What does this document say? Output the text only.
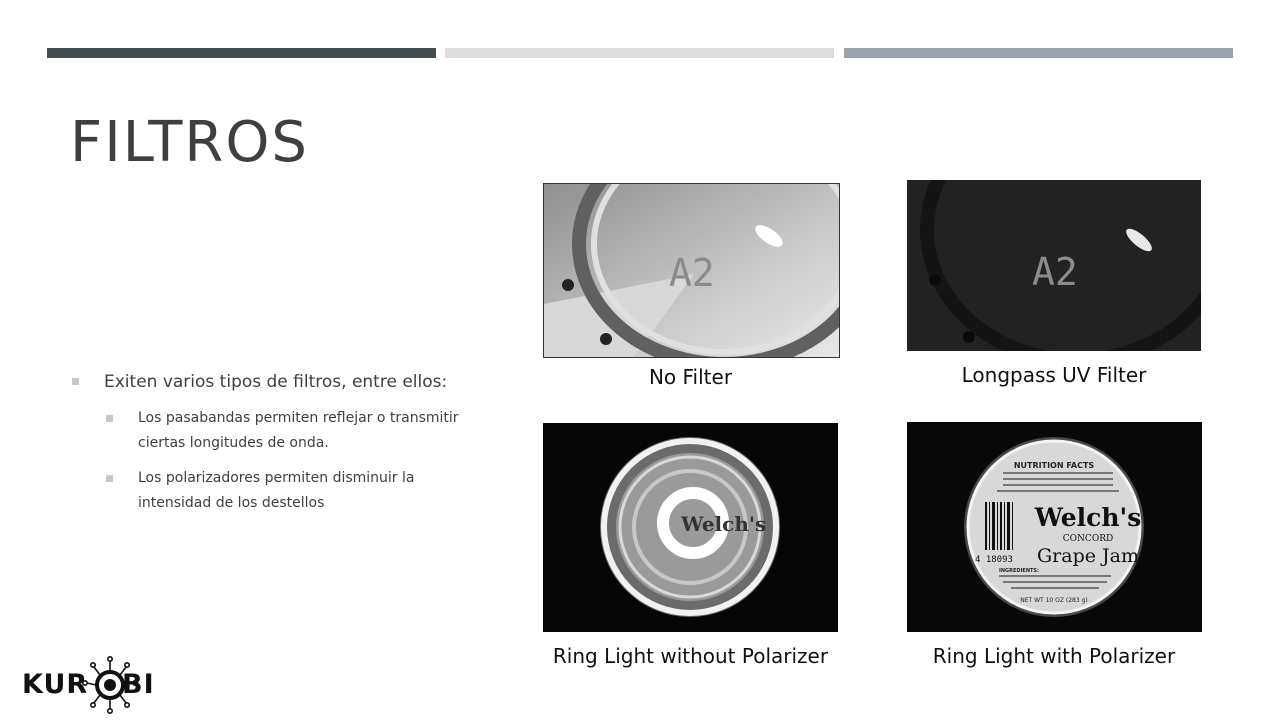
FILTROS
Exiten varios tipos de filtros, entre ellos:
Los pasabandas permiten reflejar o transmitir ciertas longitudes de onda.
Los polarizadores permiten disminuir la intensidad de los destellos
A2
No Filter
A2
Longpass UV Filter
Welch's
Ring Light without Polarizer
NUTRITION FACTS
4 18093
Welch's
CONCORD
Grape Jam
INGREDIENTS:
NET WT 10 OZ (283 g)
Ring Light with Polarizer
KUR BI
